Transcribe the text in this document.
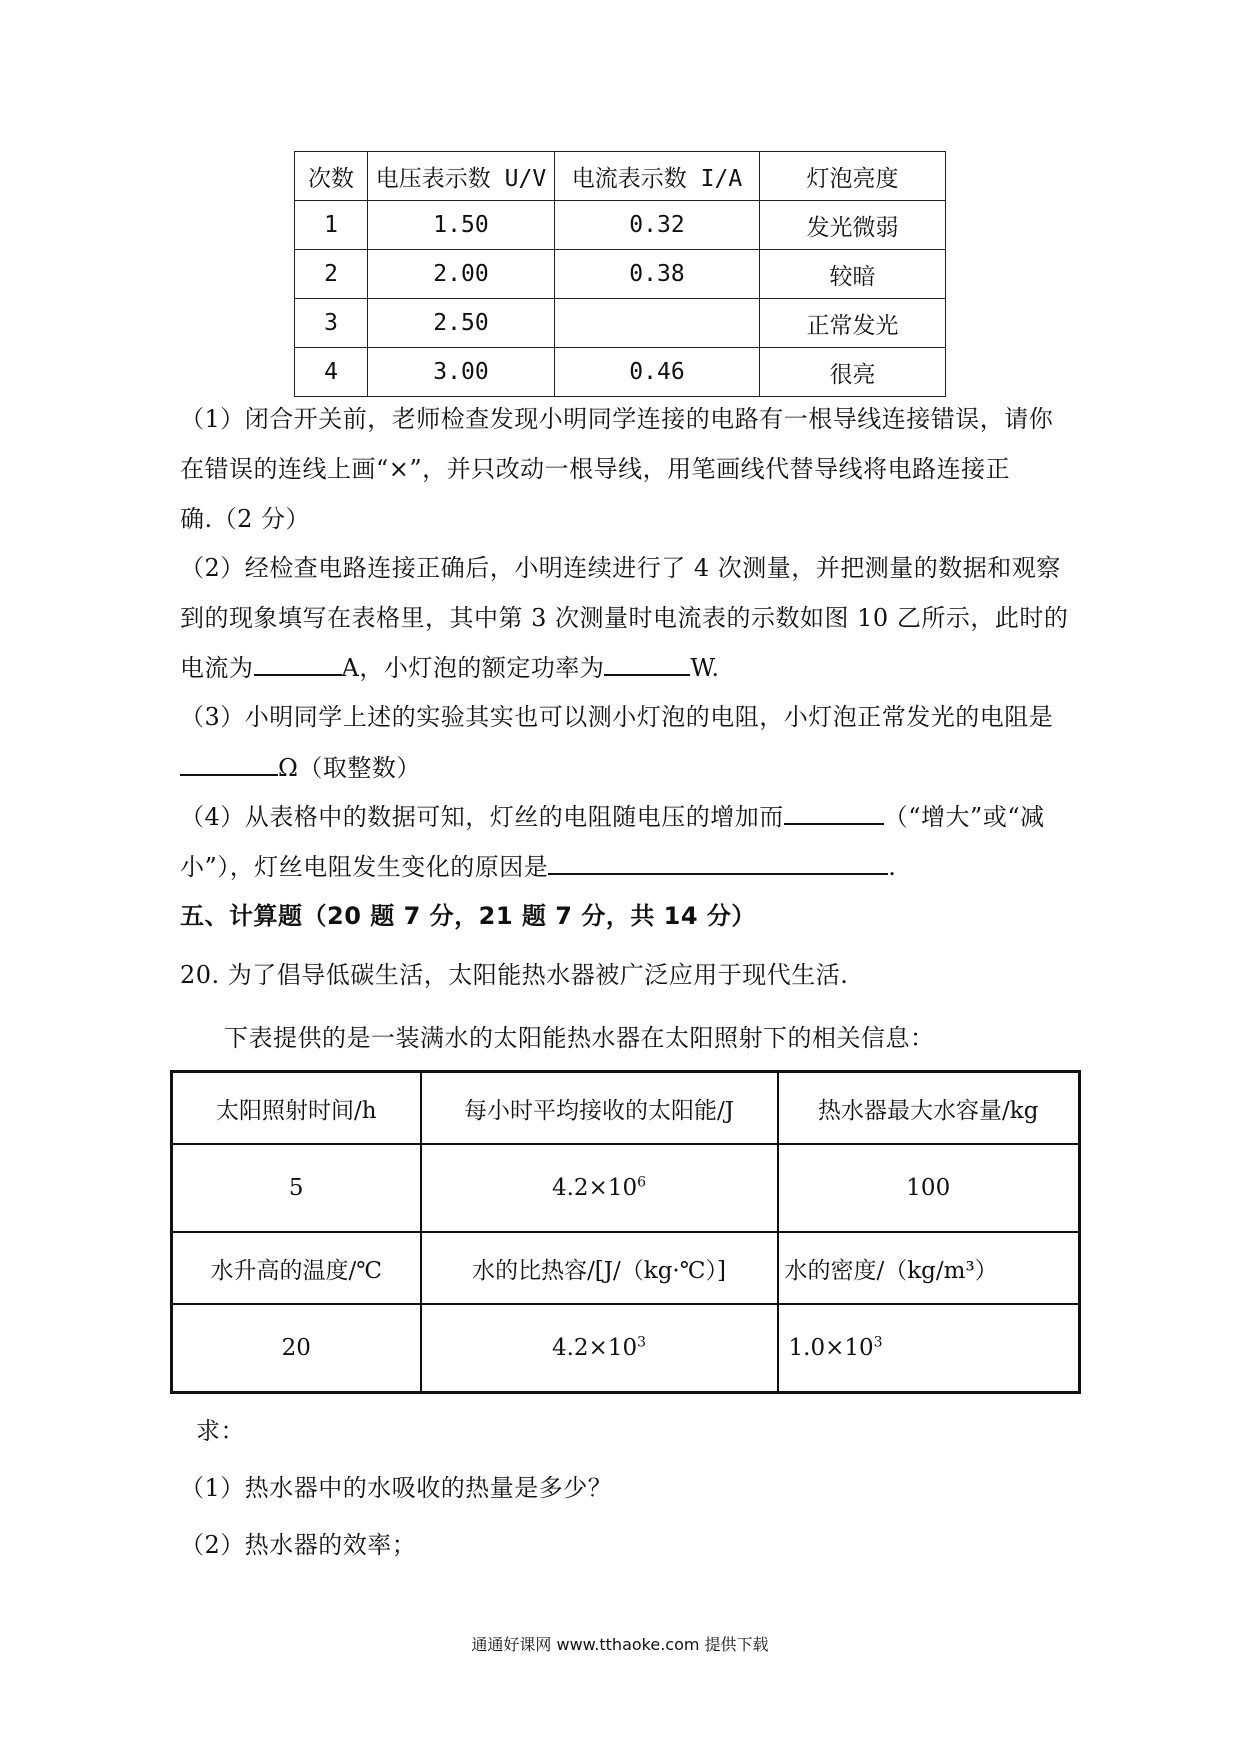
次数	电压表示数 U/V	电流表示数 I/A	灯泡亮度
1	1.50	0.32	发光微弱
2	2.00	0.38	较暗
3	2.50		正常发光
4	3.00	0.46	很亮
（1）闭合开关前，老师检查发现小明同学连接的电路有一根导线连接错误，请你
在错误的连线上画“×”，并只改动一根导线，用笔画线代替导线将电路连接正
确.（2 分）
（2）经检查电路连接正确后，小明连续进行了 4 次测量，并把测量的数据和观察
到的现象填写在表格里，其中第 3 次测量时电流表的示数如图 10 乙所示，此时的
电流为	A，小灯泡的额定功率为	W.
（3）小明同学上述的实验其实也可以测小灯泡的电阻，小灯泡正常发光的电阻是
Ω（取整数）
（4）从表格中的数据可知，灯丝的电阻随电压的增加而	（“增大”或“减
小”），灯丝电阻发生变化的原因是	.
五、计算题（20 题 7 分，21 题 7 分，共 14 分）
20. 为了倡导低碳生活，太阳能热水器被广泛应用于现代生活.
下表提供的是一装满水的太阳能热水器在太阳照射下的相关信息：
太阳照射时间/h	每小时平均接收的太阳能/J	热水器最大水容量/kg
5	$4.2\times 10^6$	100
水升高的温度/℃	水的比热容/[J/（kg·℃）]	水的密度/（kg/m³）
20	$4.2\times 10^3$	$1.0\times 10^3$
求：
（1）热水器中的水吸收的热量是多少？
（2）热水器的效率；
通通好课网 www.tthaoke.com 提供下载
